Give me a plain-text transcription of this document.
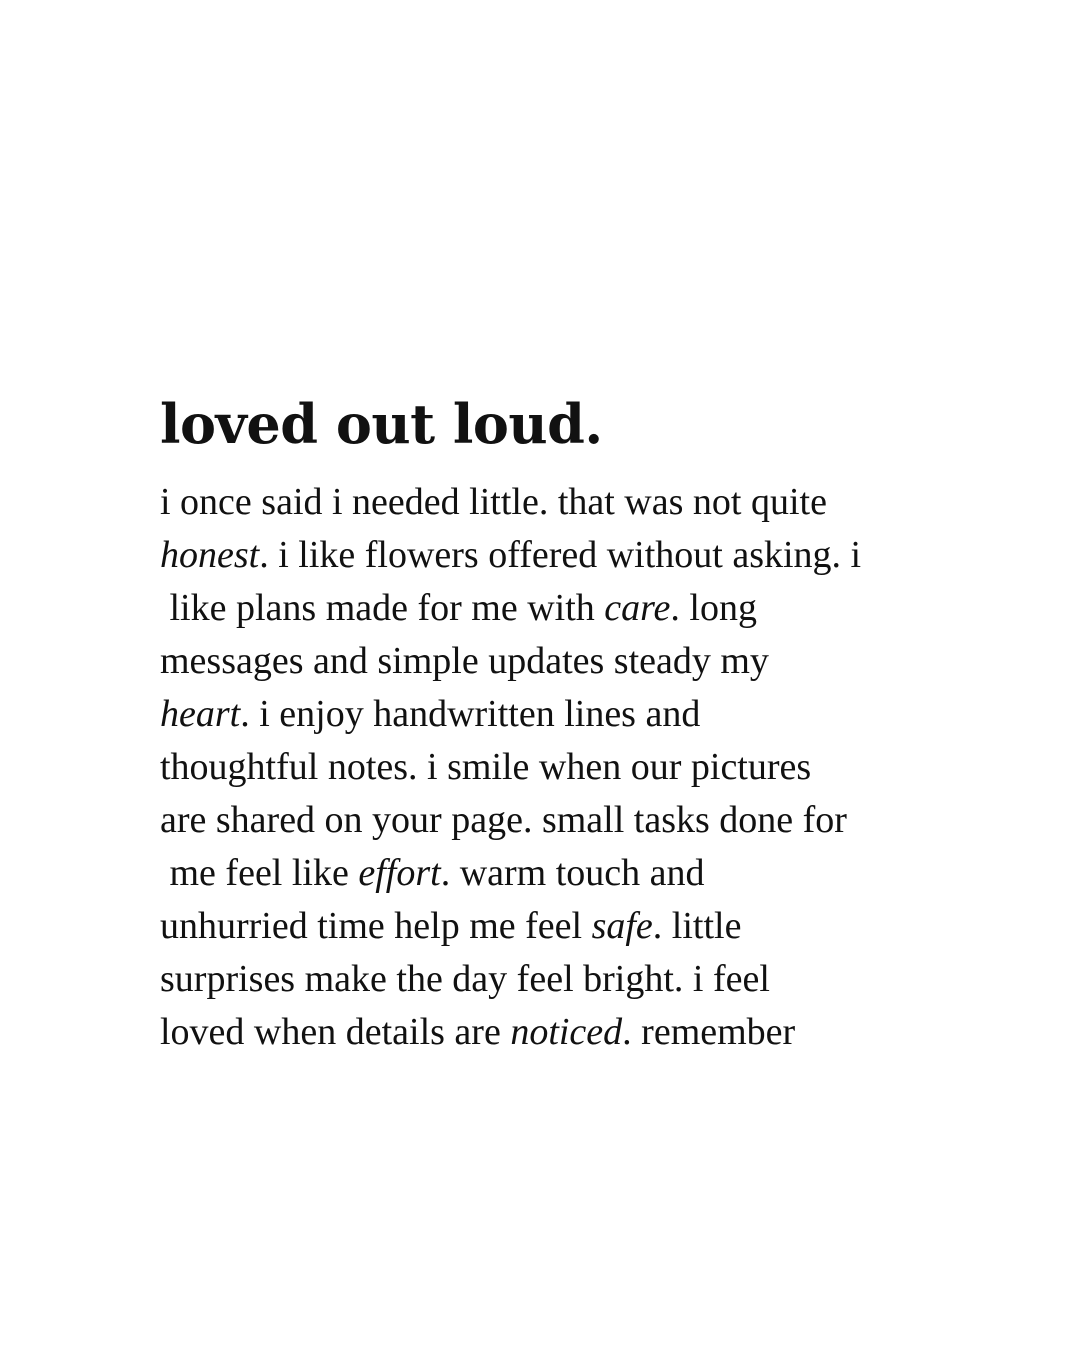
loved out loud.
i once said i needed little. that was not quite
honest. i like flowers offered without asking. i
like plans made for me with care. long
messages and simple updates steady my
heart. i enjoy handwritten lines and
thoughtful notes. i smile when our pictures
are shared on your page. small tasks done for
me feel like effort. warm touch and
unhurried time help me feel safe. little
surprises make the day feel bright. i feel
loved when details are noticed. remember
